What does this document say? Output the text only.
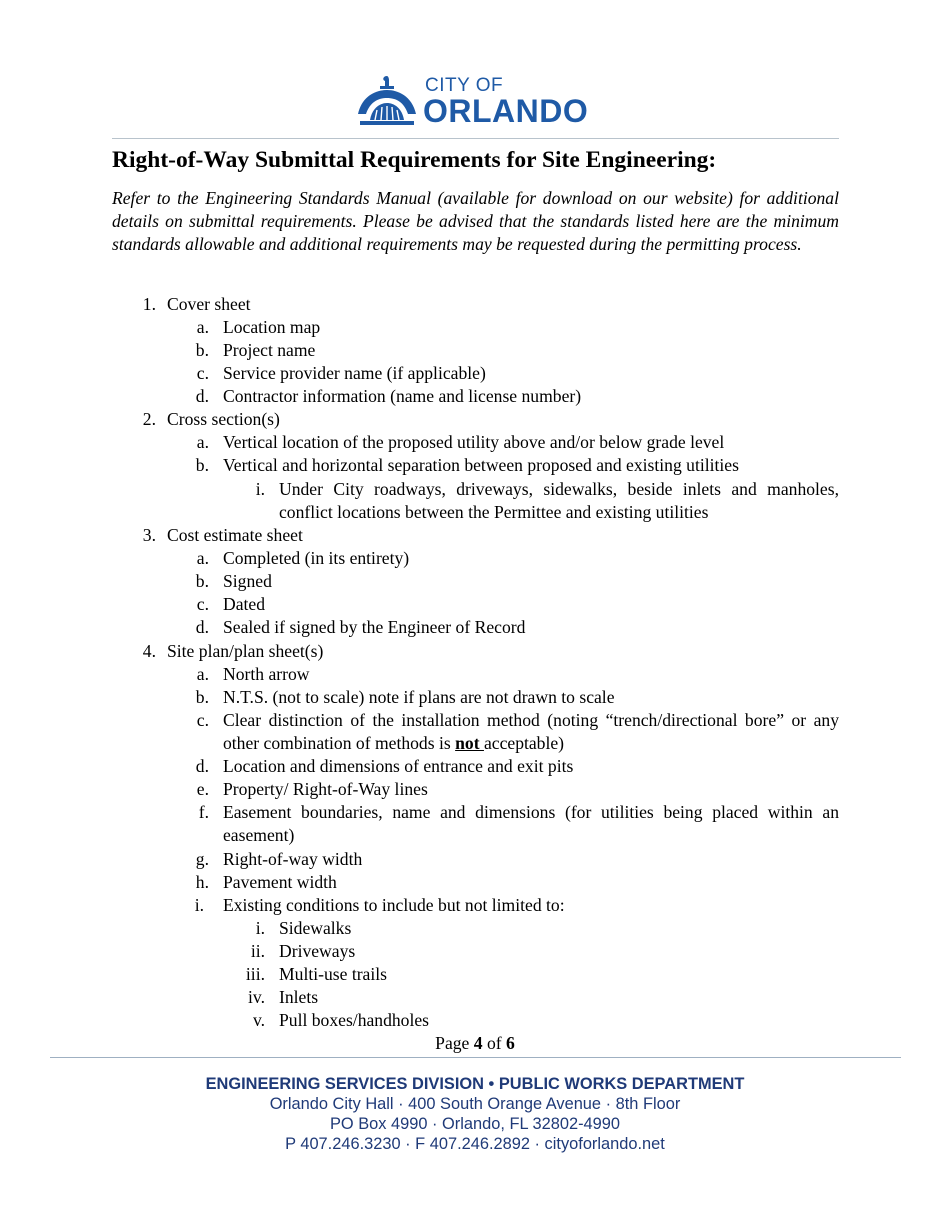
CITY OF
ORLANDO
Right-of-Way Submittal Requirements for Site Engineering:

Refer to the Engineering Standards Manual (available for download on our website) for additional details on submittal requirements. Please be advised that the standards listed here are the minimum standards allowable and additional requirements may be requested during the permitting process.

1. Cover sheet
a. Location map
b. Project name
c. Service provider name (if applicable)
d. Contractor information (name and license number)
2. Cross section(s)
a. Vertical location of the proposed utility above and/or below grade level
b. Vertical and horizontal separation between proposed and existing utilities
i. Under City roadways, driveways, sidewalks, beside inlets and manholes, conflict locations between the Permittee and existing utilities
3. Cost estimate sheet
a. Completed (in its entirety)
b. Signed
c. Dated
d. Sealed if signed by the Engineer of Record
4. Site plan/plan sheet(s)
a. North arrow
b. N.T.S. (not to scale) note if plans are not drawn to scale
c. Clear distinction of the installation method (noting “trench/directional bore” or any other combination of methods is not acceptable)
d. Location and dimensions of entrance and exit pits
e. Property/ Right-of-Way lines
f. Easement boundaries, name and dimensions (for utilities being placed within an easement)
g. Right-of-way width
h. Pavement width
i. Existing conditions to include but not limited to:
i. Sidewalks
ii. Driveways
iii. Multi-use trails
iv. Inlets
v. Pull boxes/handholes
Page 4 of 6
ENGINEERING SERVICES DIVISION • PUBLIC WORKS DEPARTMENT
Orlando City Hall · 400 South Orange Avenue · 8th Floor
PO Box 4990 · Orlando, FL 32802-4990
P 407.246.3230 · F 407.246.2892 · cityoforlando.net
